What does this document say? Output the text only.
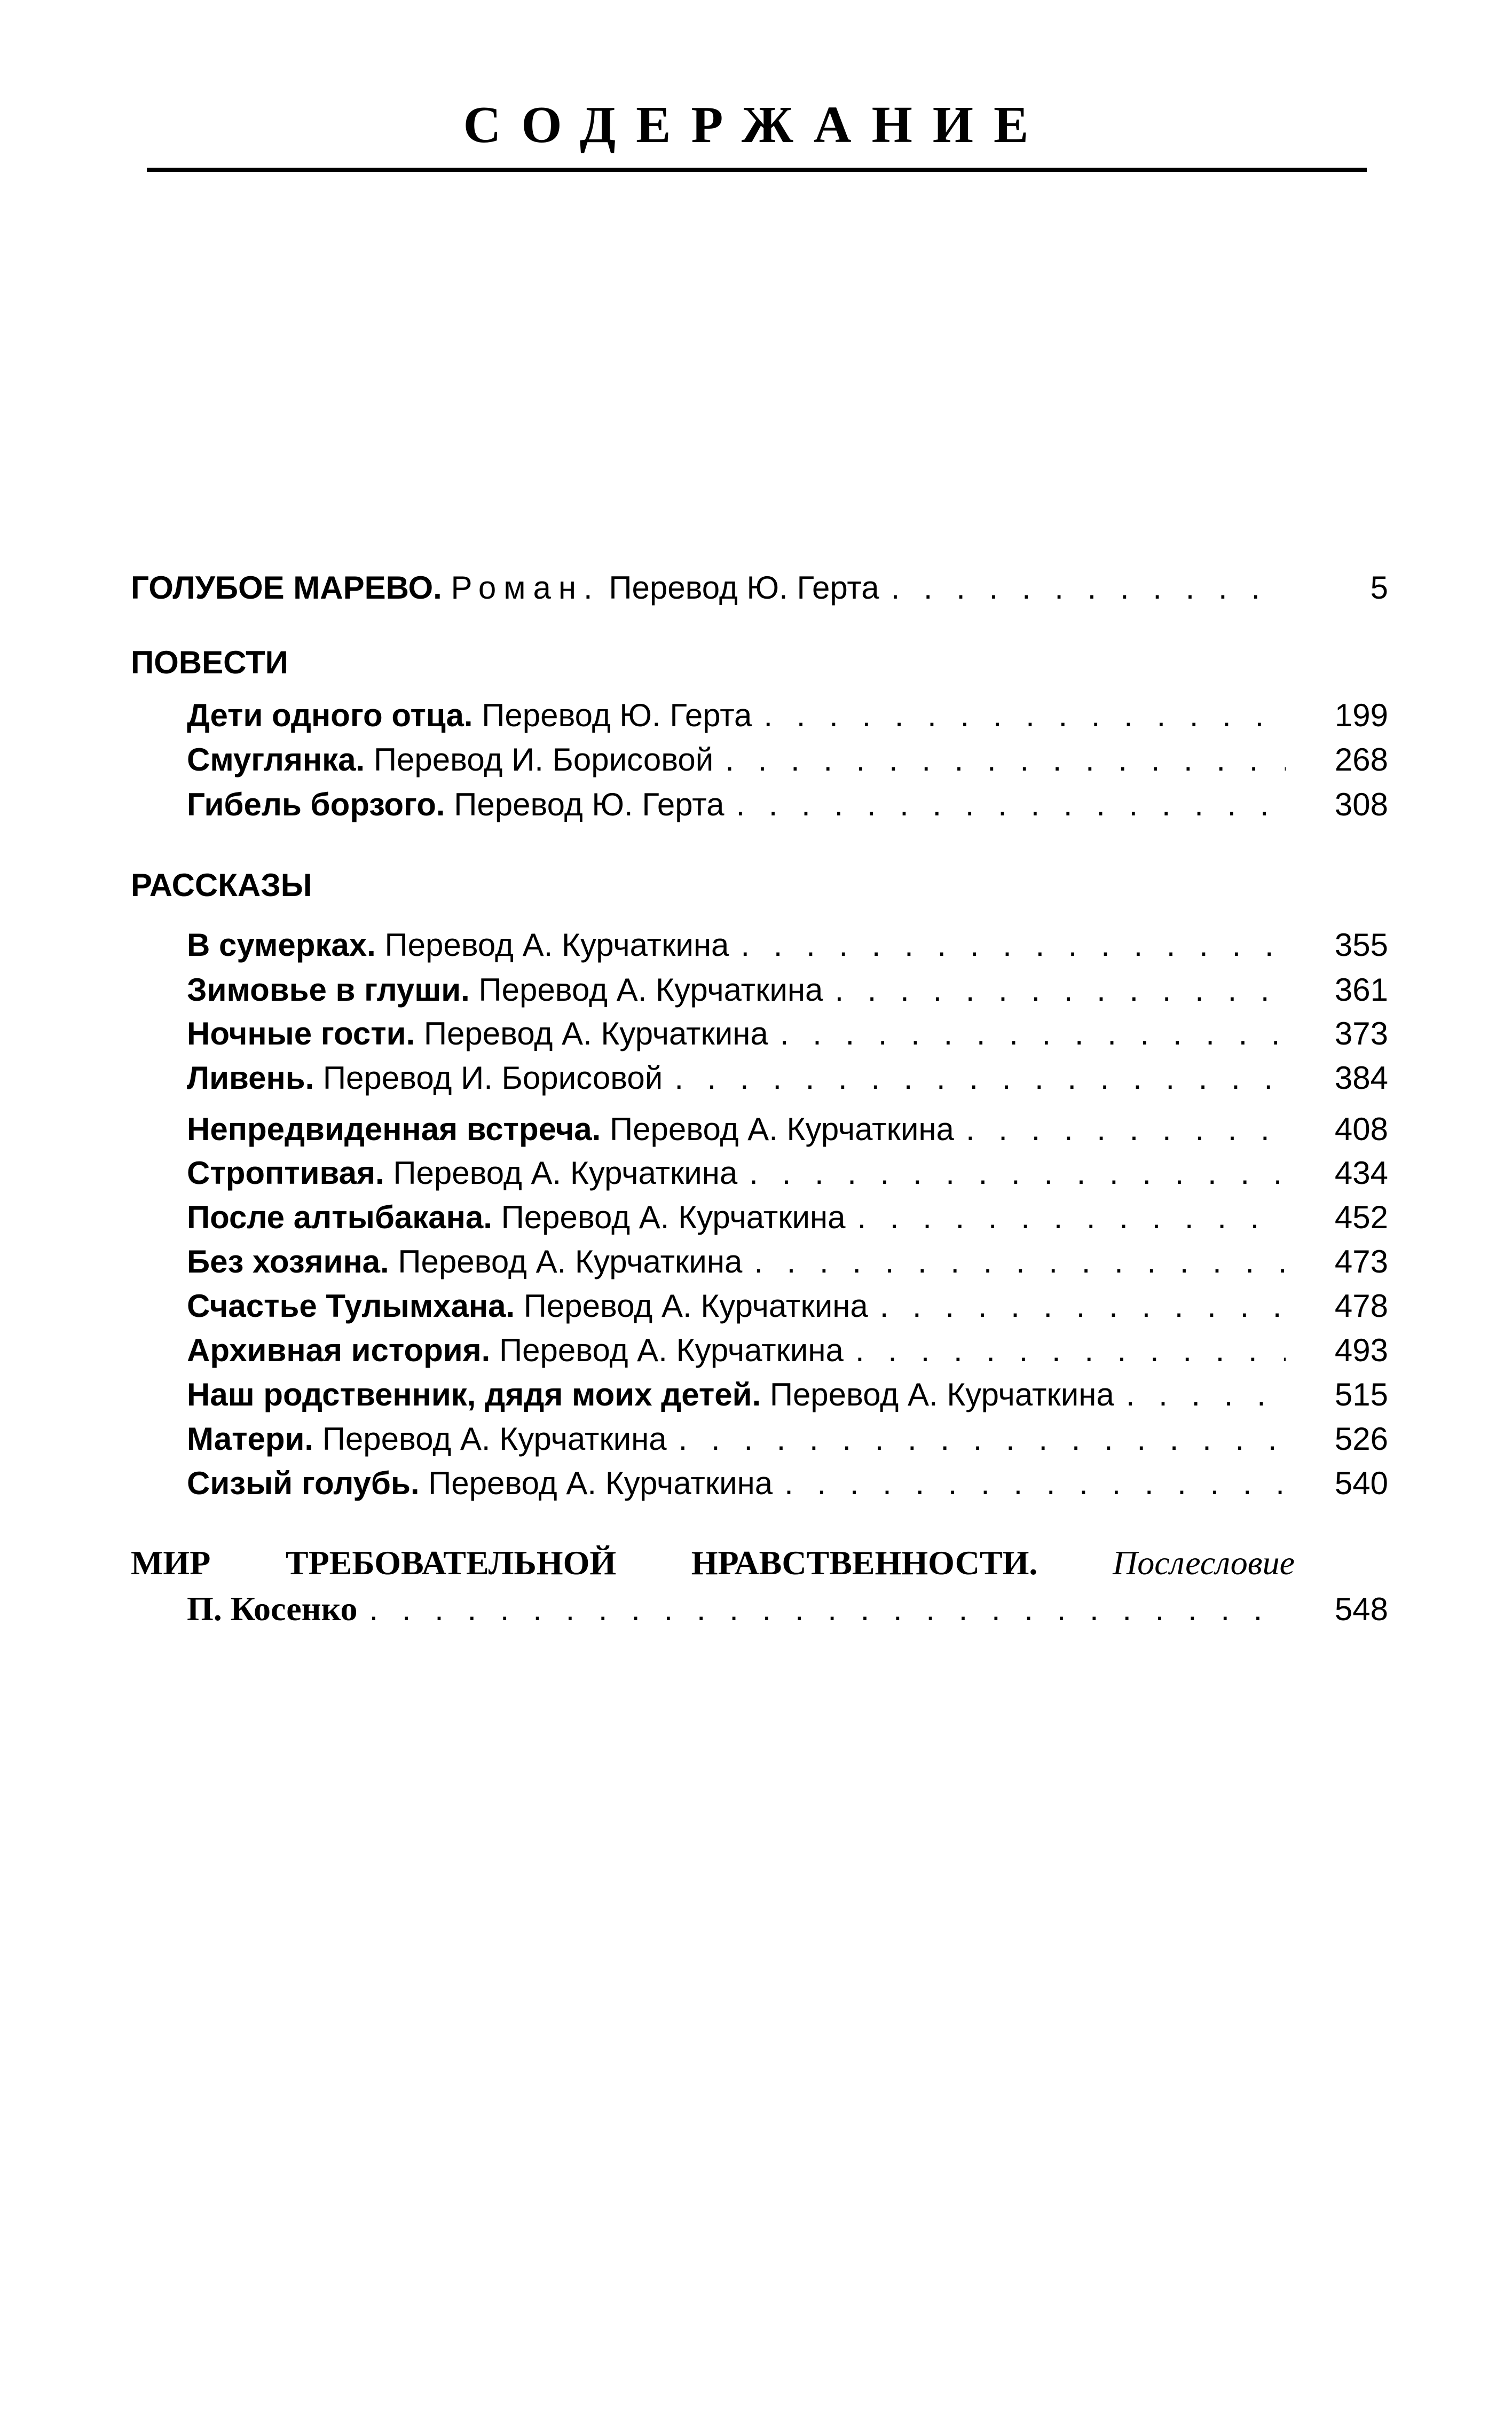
СОДЕРЖАНИЕ
ГОЛУБОЕ МАРЕВО. Роман. Перевод Ю. Герта . . .	5
ПОВЕСТИ
Дети одного отца. Перевод Ю. Герта . . .	199
Смуглянка. Перевод И. Борисовой . . .	268
Гибель борзого. Перевод Ю. Герта . . .	308
РАССКАЗЫ
В сумерках. Перевод А. Курчаткина . . .	355
Зимовье в глуши. Перевод А. Курчаткина . . .	361
Ночные гости. Перевод А. Курчаткина . . .	373
Ливень. Перевод И. Борисовой . . .	384
Непредвиденная встреча. Перевод А. Курчаткина . . .	408
Строптивая. Перевод А. Курчаткина . . .	434
После алтыбакана. Перевод А. Курчаткина . . .	452
Без хозяина. Перевод А. Курчаткина . . .	473
Счастье Тулымхана. Перевод А. Курчаткина . . .	478
Архивная история. Перевод А. Курчаткина . . .	493
Наш родственник, дядя моих детей. Перевод А. Курчаткина . . .	515
Матери. Перевод А. Курчаткина . . .	526
Сизый голубь. Перевод А. Курчаткина . . .	540
МИР ТРЕБОВАТЕЛЬНОЙ НРАВСТВЕННОСТИ. Послесловие
П. Косенко . . .	548
